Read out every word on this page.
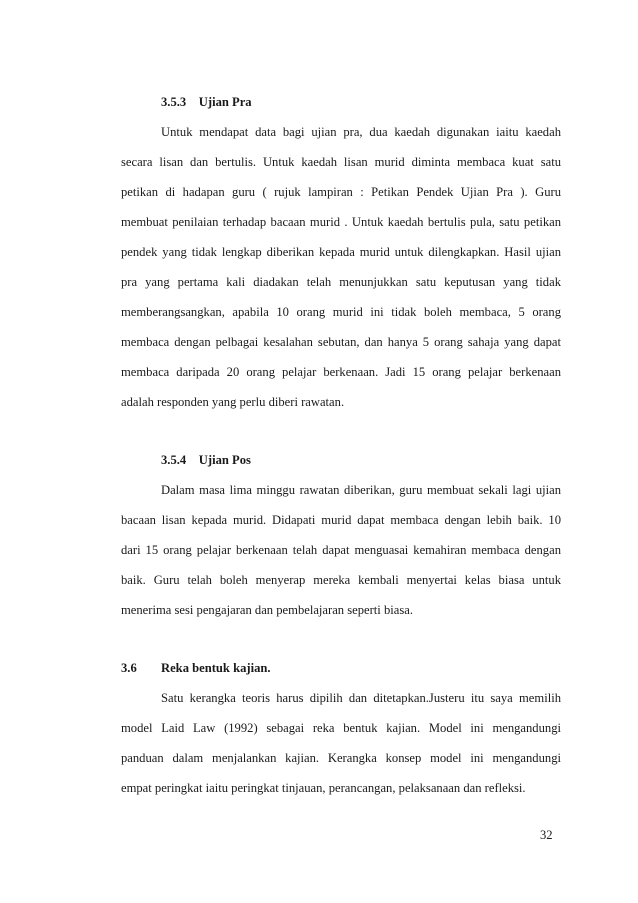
3.5.3 Ujian Pra
Untuk mendapat data bagi ujian pra, dua kaedah digunakan iaitu kaedah
secara lisan dan bertulis. Untuk kaedah lisan murid diminta membaca kuat satu
petikan di hadapan guru ( rujuk lampiran : Petikan Pendek Ujian Pra ). Guru
membuat penilaian terhadap bacaan murid . Untuk kaedah bertulis pula, satu petikan
pendek yang tidak lengkap diberikan kepada murid untuk dilengkapkan. Hasil ujian
pra yang pertama kali diadakan telah menunjukkan satu keputusan yang tidak
memberangsangkan, apabila 10 orang murid ini tidak boleh membaca, 5 orang
membaca dengan pelbagai kesalahan sebutan, dan hanya 5 orang sahaja yang dapat
membaca daripada 20 orang pelajar berkenaan. Jadi 15 orang pelajar berkenaan
adalah responden yang perlu diberi rawatan.
3.5.4 Ujian Pos
Dalam masa lima minggu rawatan diberikan, guru membuat sekali lagi ujian
bacaan lisan kepada murid. Didapati murid dapat membaca dengan lebih baik. 10
dari 15 orang pelajar berkenaan telah dapat menguasai kemahiran membaca dengan
baik. Guru telah boleh menyerap mereka kembali menyertai kelas biasa untuk
menerima sesi pengajaran dan pembelajaran seperti biasa.
3.6 Reka bentuk kajian.
Satu kerangka teoris harus dipilih dan ditetapkan.Justeru itu saya memilih
model Laid Law (1992) sebagai reka bentuk kajian. Model ini mengandungi
panduan dalam menjalankan kajian. Kerangka konsep model ini mengandungi
empat peringkat iaitu peringkat tinjauan, perancangan, pelaksanaan dan refleksi.
32
